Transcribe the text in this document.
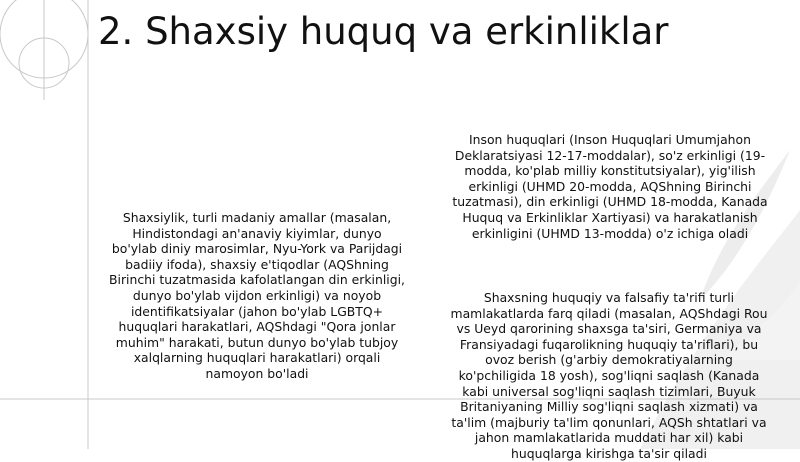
2. Shaxsiy huquq va erkinliklar
Shaxsiylik, turli madaniy amallar (masalan, Hindistondagi an'anaviy kiyimlar, dunyo bo'ylab diniy marosimlar, Nyu-York va Parijdagi badiiy ifoda), shaxsiy e'tiqodlar (AQShning Birinchi tuzatmasida kafolatlangan din erkinligi, dunyo bo'ylab vijdon erkinligi) va noyob identifikatsiyalar (jahon bo'ylab LGBTQ+ huquqlari harakatlari, AQShdagi "Qora jonlar muhim" harakati, butun dunyo bo'ylab tubjoy xalqlarning huquqlari harakatlari) orqali namoyon bo'ladi
Inson huquqlari (Inson Huquqlari Umumjahon Deklaratsiyasi 12-17-moddalar), so'z erkinligi (19-modda, ko'plab milliy konstitutsiyalar), yig'ilish erkinligi (UHMD 20-modda, AQShning Birinchi tuzatmasi), din erkinligi (UHMD 18-modda, Kanada Huquq va Erkinliklar Xartiyasi) va harakatlanish erkinligini (UHMD 13-modda) o'z ichiga oladi
Shaxsning huquqiy va falsafiy ta'rifi turli mamlakatlarda farq qiladi (masalan, AQShdagi Rou vs Ueyd qarorining shaxsga ta'siri, Germaniya va Fransiyadagi fuqarolikning huquqiy ta'riflari), bu ovoz berish (g'arbiy demokratiyalarning ko'pchiligida 18 yosh), sog'liqni saqlash (Kanada kabi universal sog'liqni saqlash tizimlari, Buyuk Britaniyaning Milliy sog'liqni saqlash xizmati) va ta'lim (majburiy ta'lim qonunlari, AQSh shtatlari va jahon mamlakatlarida muddati har xil) kabi huquqlarga kirishga ta'sir qiladi
